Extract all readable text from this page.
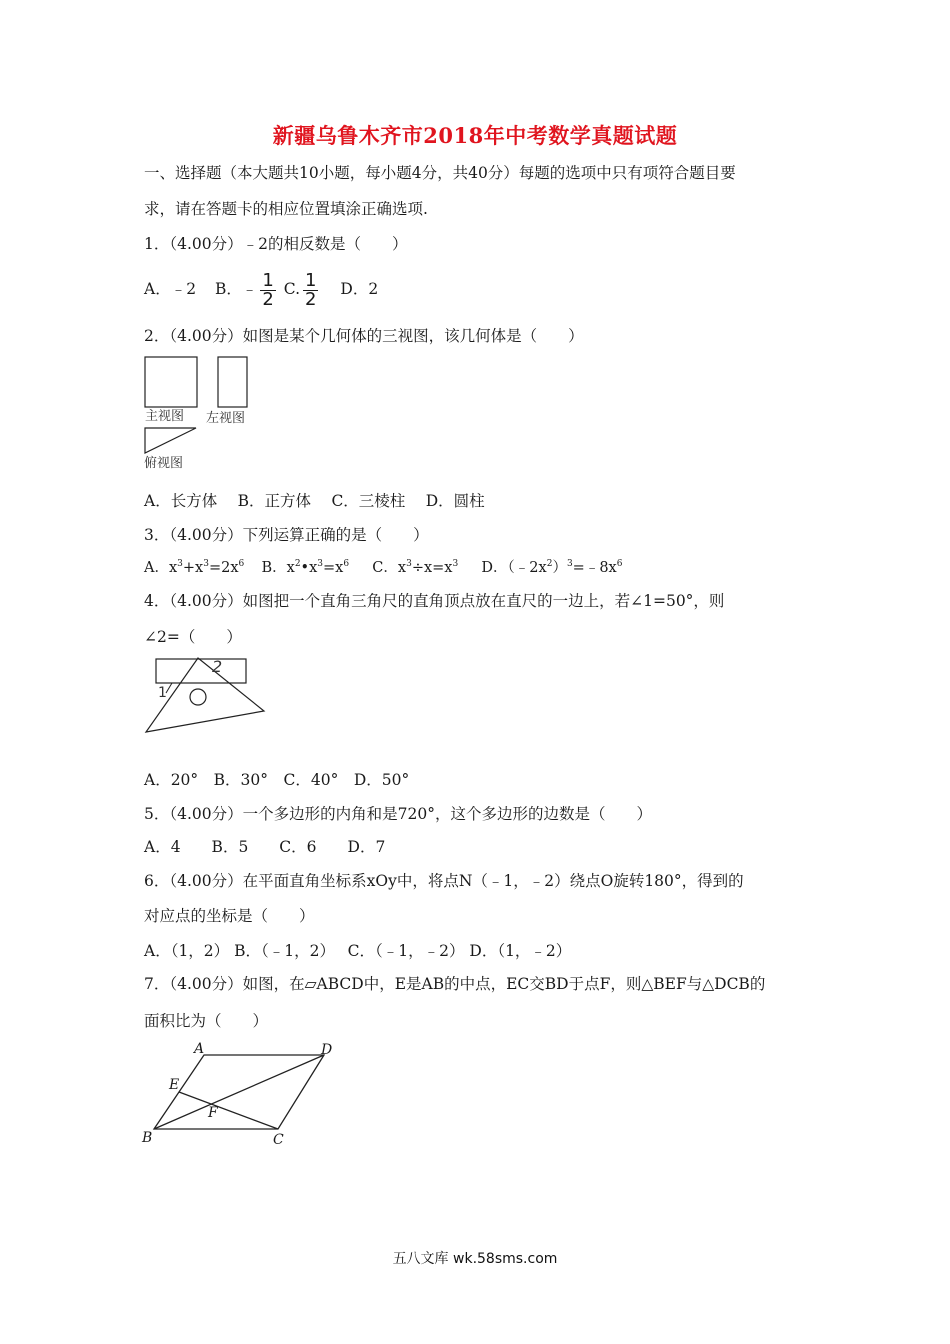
新疆乌鲁木齐市2018年中考数学真题试题
一、选择题（本大题共10小题，每小题4分，共40分）每题的选项中只有项符合题目要
求，请在答题卡的相应位置填涂正确选项.
1．（4.00分）﹣2的相反数是（　　）
A．﹣2 B．﹣ $\frac{1}{2} C$. $\frac{1}{2}$ D．2
2．（4.00分）如图是某个几何体的三视图，该几何体是（　　）
主视图 左视图
俯视图
A．长方体　 B．正方体　 C．三棱柱　 D．圆柱
3．（4.00分）下列运算正确的是（　　）
A．$x^3+x^3=2x^6$ B．$x^2•x^3=x^6$ C．$x^3\div x=x^3$ D．$(﹣2x^2)^3=﹣8x^6$
4．（4.00分）如图把一个直角三角尺的直角顶点放在直尺的一边上，若∠1=50°，则
∠2=（　　）
1
2
A．20°　B．30°　C．40°　D．50°
5．（4.00分）一个多边形的内角和是720°，这个多边形的边数是（　　）
A．4　　B．5　　C．6　　D．7
6．（4.00分）在平面直角坐标系xOy中，将点N（﹣1，﹣2）绕点O旋转180°，得到的
对应点的坐标是（　　）
A．（1，2） B．（﹣1，2）　 C．（﹣1，﹣2） D．（1，﹣2）
7．（4.00分）如图，在▱ABCD中，E是AB的中点，EC交BD于点F，则△BEF与△DCB的
面积比为（　　）
A	D
E
F
B	C
五八文库 wk.58sms.com
